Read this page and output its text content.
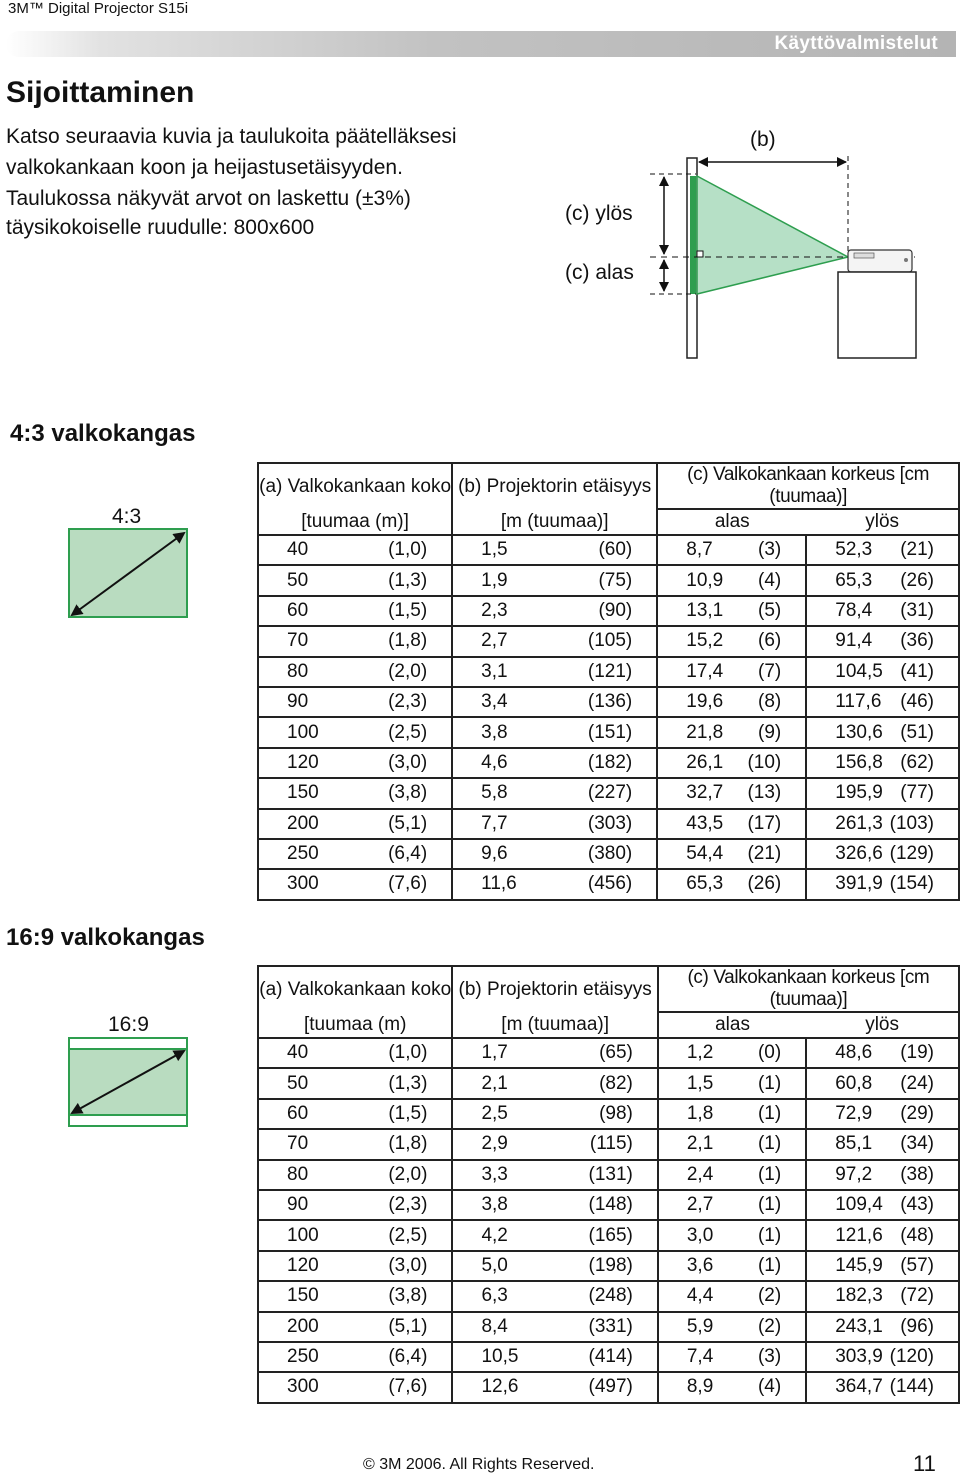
3M™ Digital Projector S15i
Käyttövalmistelut
Sijoittaminen
Katso seuraavia kuvia ja taulukoita päätelläksesi
valkokankaan koon ja heijastusetäisyyden.
Taulukossa näkyvät arvot on laskettu (±3%)
täysikokoiselle ruudulle: 800x600
(b)
(c) ylös
(c) alas
4:3 valkokangas
4:3
(a) Valkokankaan koko	(b) Projektorin etäisyys	(c) Valkokankaan korkeus [cm (tuumaa)]	
[tuumaa (m)]	[m (tuumaa)]	alas	ylös

40 (1,0)	1,5 (60)	8,7 (3)	52,3 (21)

50 (1,3)	1,9 (75)	10,9 (4)	65,3 (26)

60 (1,5)	2,3 (90)	13,1 (5)	78,4 (31)

70 (1,8)	2,7 (105)	15,2 (6)	91,4 (36)

80 (2,0)	3,1 (121)	17,4 (7)	104,5 (41)

90 (2,3)	3,4 (136)	19,6 (8)	117,6 (46)

100 (2,5)	3,8 (151)	21,8 (9)	130,6 (51)

120 (3,0)	4,6 (182)	26,1 (10)	156,8 (62)

150 (3,8)	5,8 (227)	32,7 (13)	195,9 (77)

200 (5,1)	7,7 (303)	43,5 (17)	261,3 (103)

250 (6,4)	9,6 (380)	54,4 (21)	326,6 (129)

300 (7,6)	11,6 (456)	65,3 (26)	391,9 (154)
16:9 valkokangas
16:9
(a) Valkokankaan koko	(b) Projektorin etäisyys	(c) Valkokankaan korkeus [cm (tuumaa)]	
[tuumaa (m)	[m (tuumaa)]	alas	ylös

40 (1,0)	1,7 (65)	1,2 (0)	48,6 (19)

50 (1,3)	2,1 (82)	1,5 (1)	60,8 (24)

60 (1,5)	2,5 (98)	1,8 (1)	72,9 (29)

70 (1,8)	2,9 (115)	2,1 (1)	85,1 (34)

80 (2,0)	3,3 (131)	2,4 (1)	97,2 (38)

90 (2,3)	3,8 (148)	2,7 (1)	109,4 (43)

100 (2,5)	4,2 (165)	3,0 (1)	121,6 (48)

120 (3,0)	5,0 (198)	3,6 (1)	145,9 (57)

150 (3,8)	6,3 (248)	4,4 (2)	182,3 (72)

200 (5,1)	8,4 (331)	5,9 (2)	243,1 (96)

250 (6,4)	10,5 (414)	7,4 (3)	303,9 (120)

300 (7,6)	12,6 (497)	8,9 (4)	364,7 (144)
© 3M 2006. All Rights Reserved.	11
